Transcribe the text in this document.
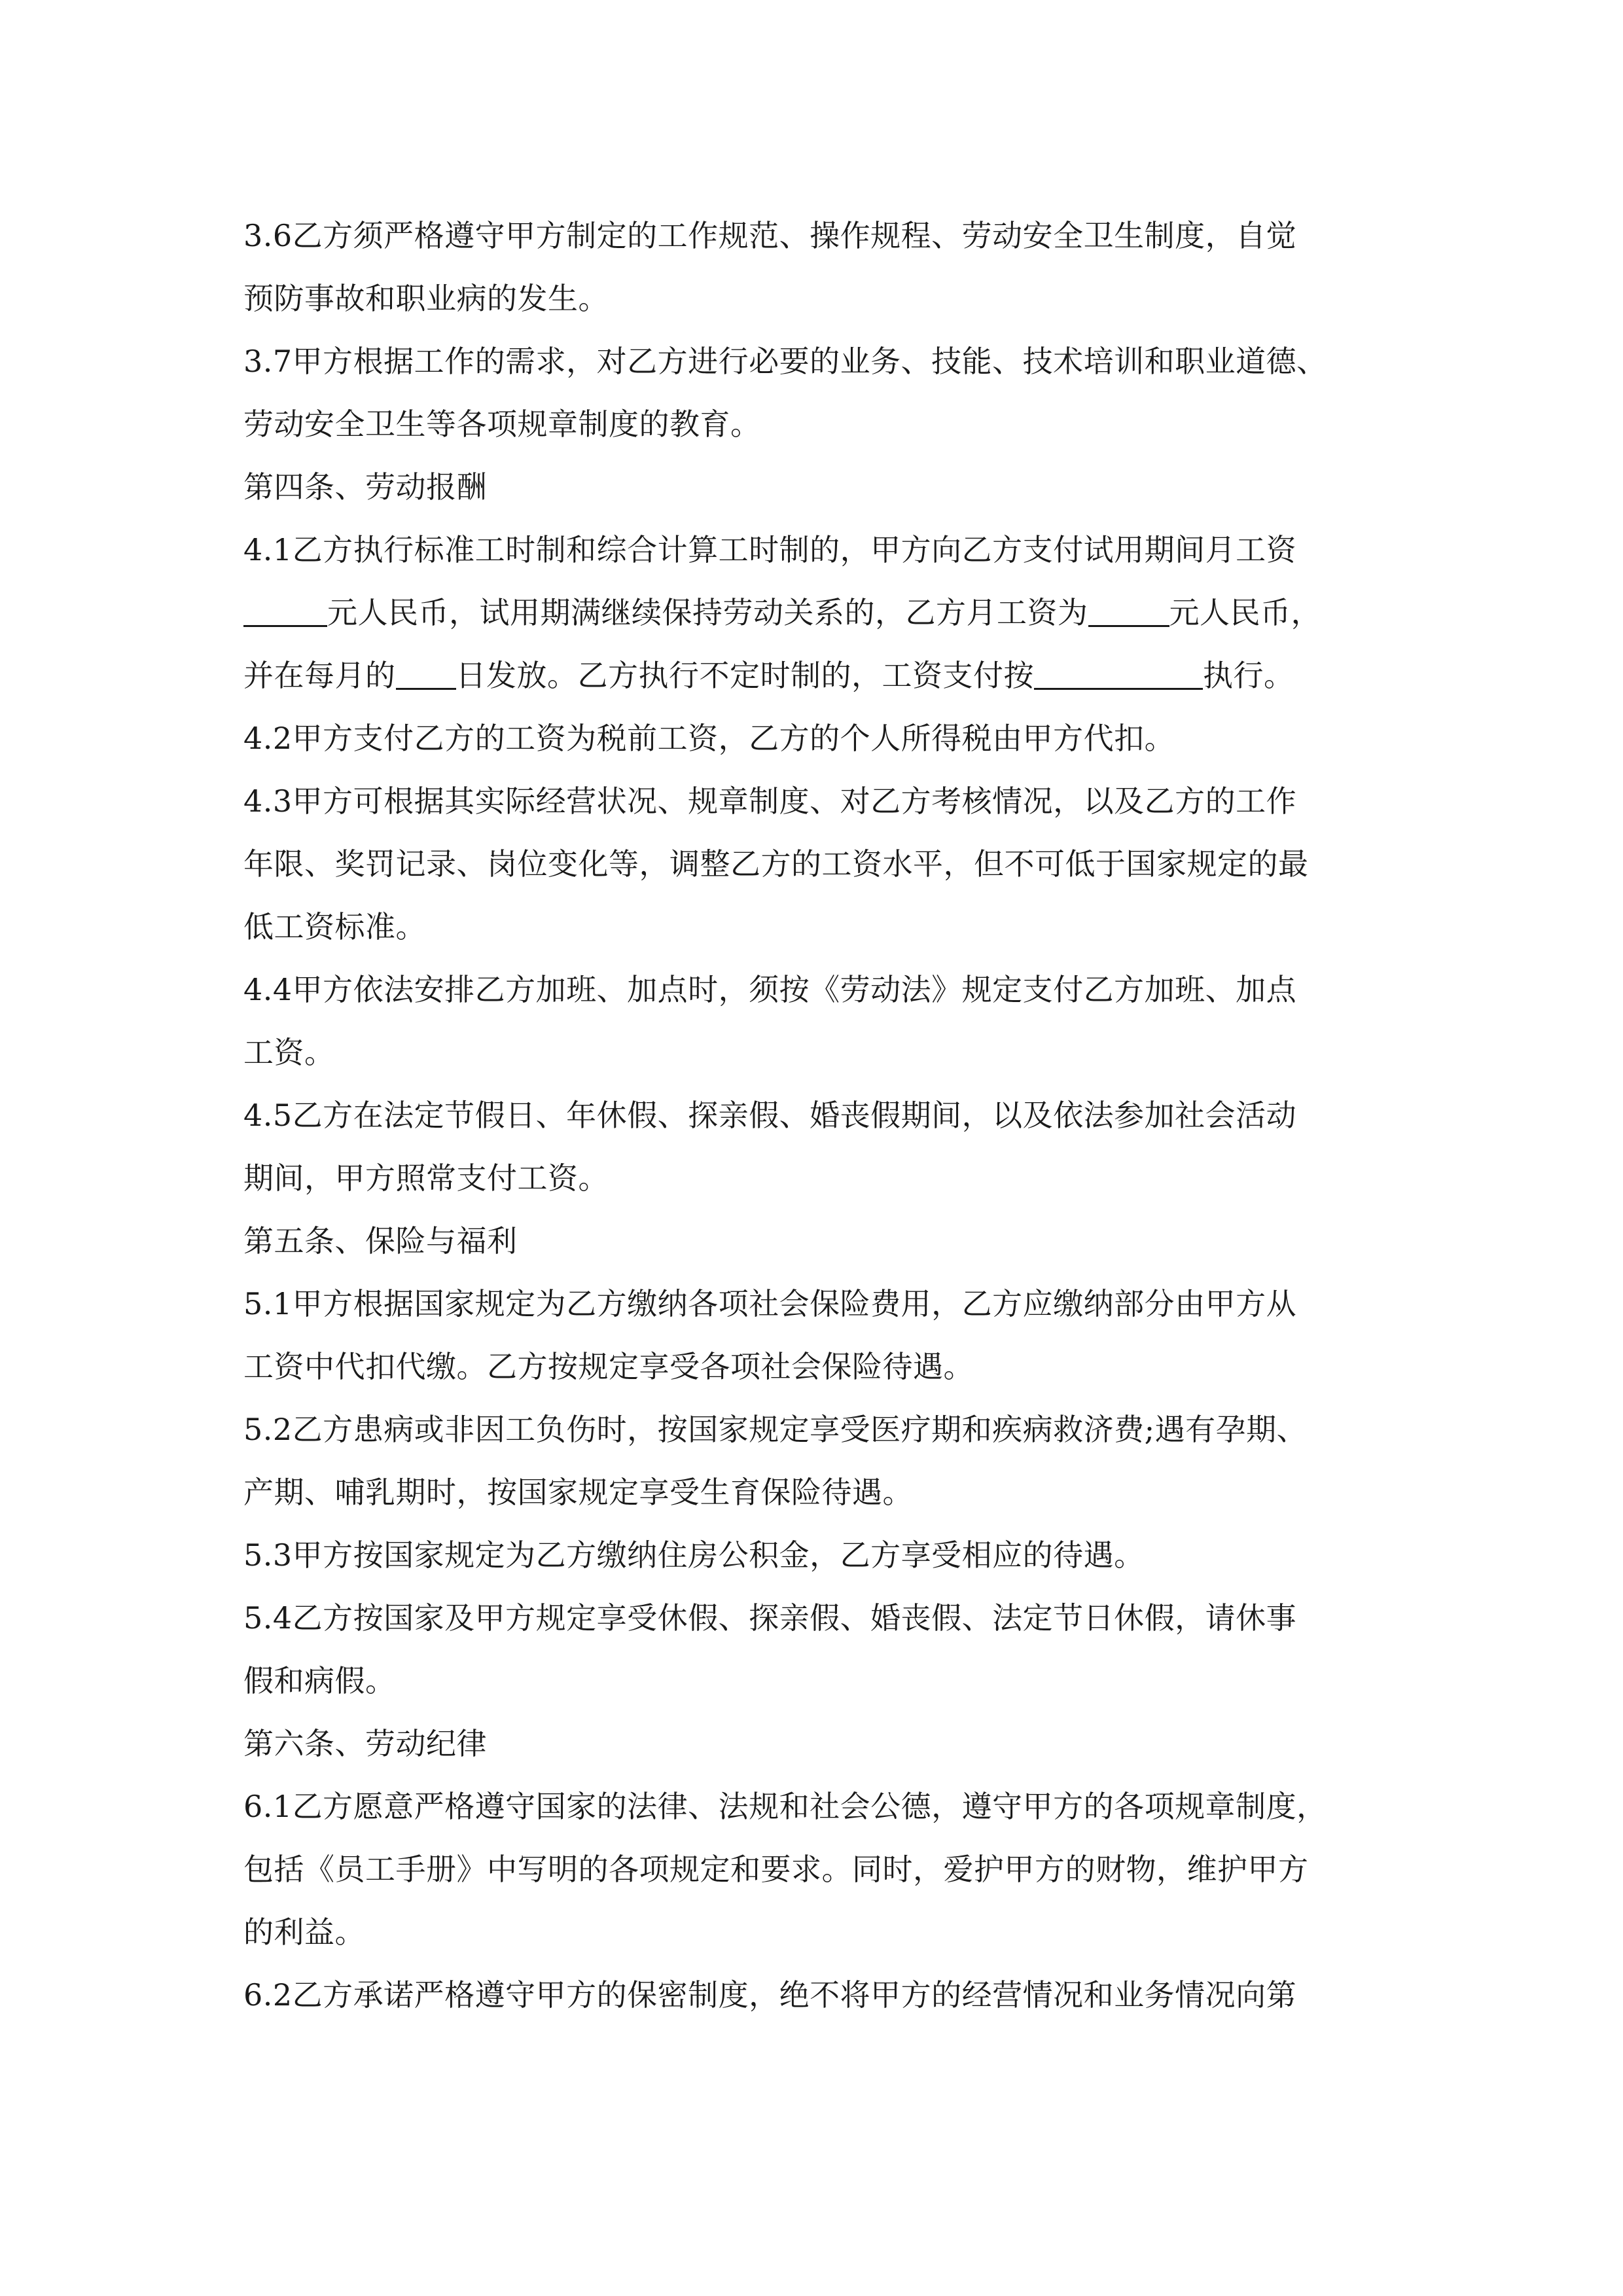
3.6乙方须严格遵守甲方制定的工作规范、操作规程、劳动安全卫生制度，自觉
预防事故和职业病的发生。
3.7甲方根据工作的需求，对乙方进行必要的业务、技能、技术培训和职业道德、
劳动安全卫生等各项规章制度的教育。
第四条、劳动报酬
4.1乙方执行标准工时制和综合计算工时制的，甲方向乙方支付试用期间月工资
元人民币，试用期满继续保持劳动关系的，乙方月工资为	元人民币，
并在每月的 日发放。乙方执行不定时制的，工资支付按	执行。
4.2甲方支付乙方的工资为税前工资，乙方的个人所得税由甲方代扣。
4.3甲方可根据其实际经营状况、规章制度、对乙方考核情况，以及乙方的工作
年限、奖罚记录、岗位变化等，调整乙方的工资水平，但不可低于国家规定的最
低工资标准。
4.4甲方依法安排乙方加班、加点时，须按《劳动法》规定支付乙方加班、加点
工资。
4.5乙方在法定节假日、年休假、探亲假、婚丧假期间，以及依法参加社会活动
期间，甲方照常支付工资。
第五条、保险与福利
5.1甲方根据国家规定为乙方缴纳各项社会保险费用，乙方应缴纳部分由甲方从
工资中代扣代缴。乙方按规定享受各项社会保险待遇。
5.2乙方患病或非因工负伤时，按国家规定享受医疗期和疾病救济费;遇有孕期、
产期、哺乳期时，按国家规定享受生育保险待遇。
5.3甲方按国家规定为乙方缴纳住房公积金，乙方享受相应的待遇。
5.4乙方按国家及甲方规定享受休假、探亲假、婚丧假、法定节日休假，请休事
假和病假。
第六条、劳动纪律
6.1乙方愿意严格遵守国家的法律、法规和社会公德，遵守甲方的各项规章制度，
包括《员工手册》中写明的各项规定和要求。同时，爱护甲方的财物，维护甲方
的利益。
6.2乙方承诺严格遵守甲方的保密制度，绝不将甲方的经营情况和业务情况向第
